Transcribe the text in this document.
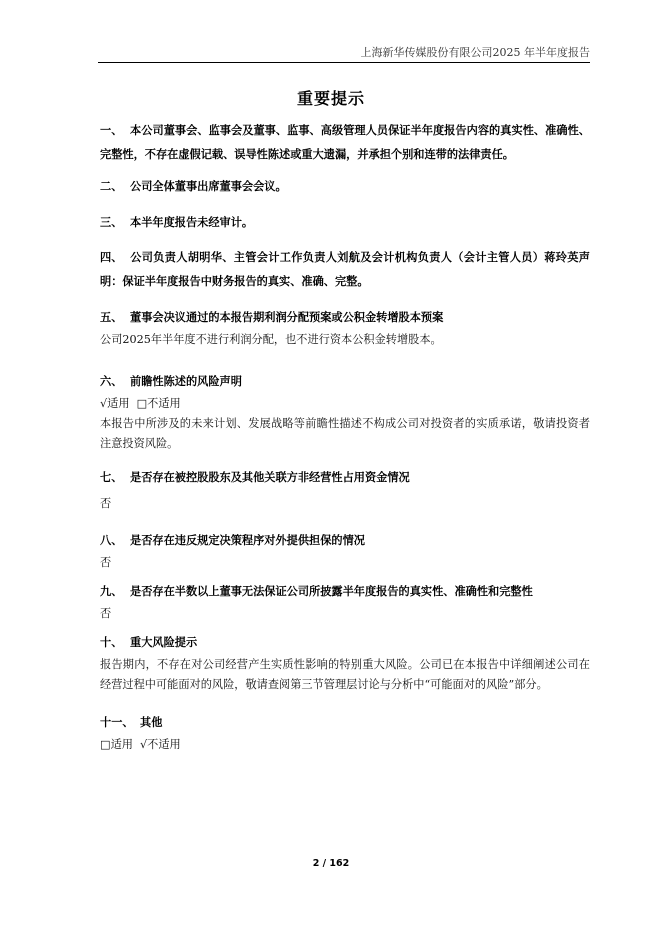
上海新华传媒股份有限公司2025 年半年度报告
重要提示
一、 本公司董事会、监事会及董事、监事、高级管理人员保证半年度报告内容的真实性、准确性、完整性，不存在虚假记载、误导性陈述或重大遗漏，并承担个别和连带的法律责任。
二、 公司全体董事出席董事会会议。
三、 本半年度报告未经审计。
四、 公司负责人胡明华、主管会计工作负责人刘航及会计机构负责人（会计主管人员）蒋玲英声明：保证半年度报告中财务报告的真实、准确、完整。
五、 董事会决议通过的本报告期利润分配预案或公积金转增股本预案
公司2025年半年度不进行利润分配，也不进行资本公积金转增股本。
六、 前瞻性陈述的风险声明
√适用  □不适用
本报告中所涉及的未来计划、发展战略等前瞻性描述不构成公司对投资者的实质承诺，敬请投资者注意投资风险。
七、 是否存在被控股股东及其他关联方非经营性占用资金情况
否
八、 是否存在违反规定决策程序对外提供担保的情况
否
九、 是否存在半数以上董事无法保证公司所披露半年度报告的真实性、准确性和完整性
否
十、 重大风险提示
报告期内，不存在对公司经营产生实质性影响的特别重大风险。公司已在本报告中详细阐述公司在经营过程中可能面对的风险，敬请查阅第三节管理层讨论与分析中“可能面对的风险”部分。
十一、 其他
□适用  √不适用
2 / 162
